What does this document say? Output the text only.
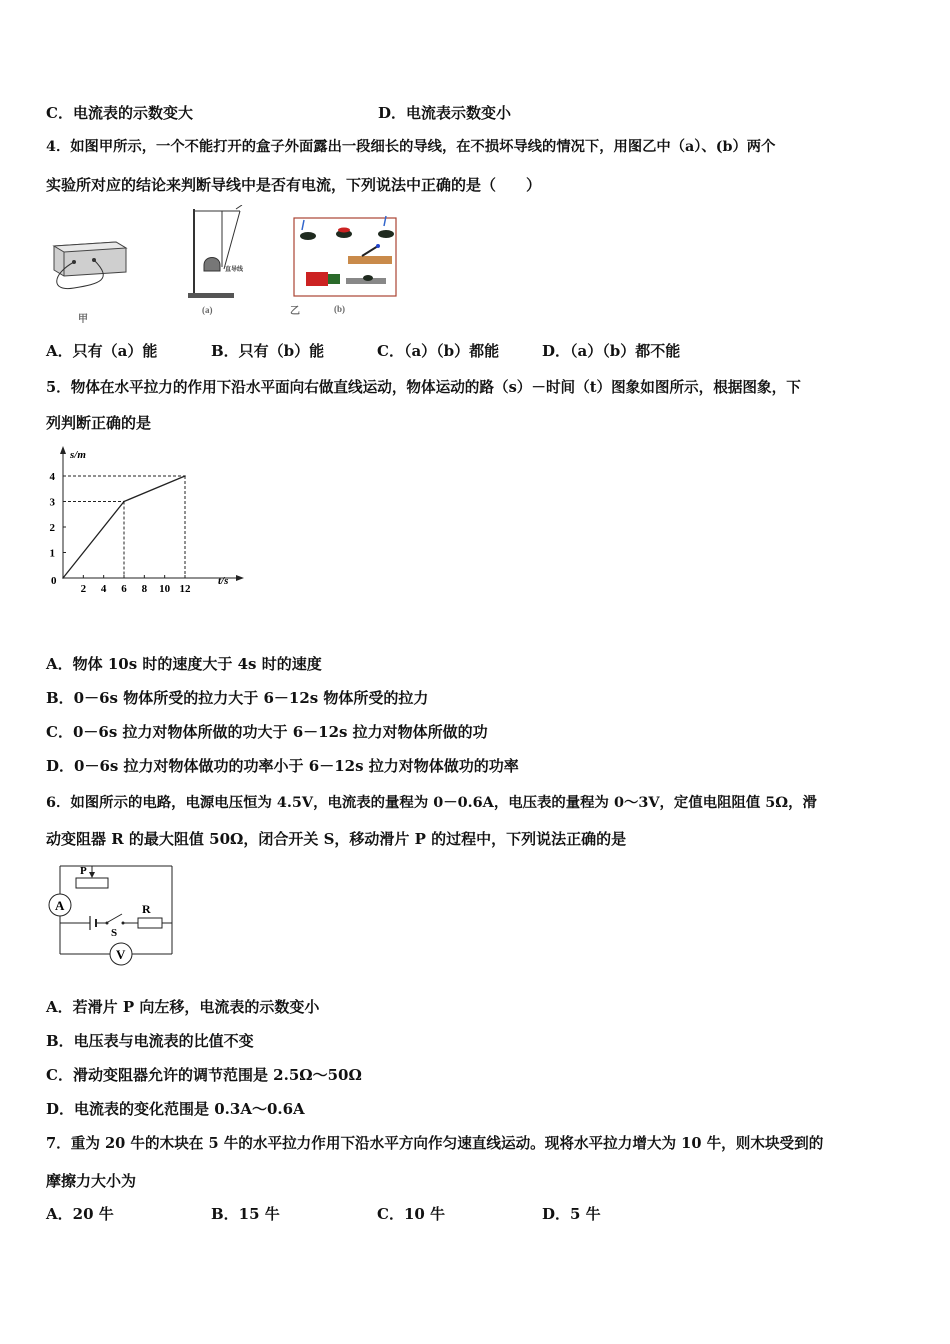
C．电流表的示数变大	D．电流表示数变小
4．如图甲所示，一个不能打开的盒子外面露出一段细长的导线，在不损坏导线的情况下，用图乙中（a）、(b）两个
实验所对应的结论来判断导线中是否有电流，下列说法中正确的是（　　）
甲
直导线
(a)	乙	(b)
A．只有（a）能	B．只有（b）能	C．（a）（b）都能	D．（a）（b）都不能
5．物体在水平拉力的作用下沿水平面向右做直线运动，物体运动的路（s）－时间（t）图象如图所示，根据图象，下
列判断正确的是
s/m
t/s
0
2 4 6 8 10 12
1
2
3
4
A．物体 10s 时的速度大于 4s 时的速度
B．0－6s 物体所受的拉力大于 6－12s 物体所受的拉力
C．0－6s 拉力对物体所做的功大于 6－12s 拉力对物体所做的功
D．0－6s 拉力对物体做功的功率小于 6－12s 拉力对物体做功的功率
6．如图所示的电路，电源电压恒为 4.5V，电流表的量程为 0－0.6A，电压表的量程为 0～3V，定值电阻阻值 5Ω，滑
动变阻器 R 的最大阻值 50Ω，闭合开关 S，移动滑片 P 的过程中，下列说法正确的是
A
P
S
R
V
A．若滑片 P 向左移，电流表的示数变小
B．电压表与电流表的比值不变
C．滑动变阻器允许的调节范围是 2.5Ω～50Ω
D．电流表的变化范围是 0.3A～0.6A
7．重为 20 牛的木块在 5 牛的水平拉力作用下沿水平方向作匀速直线运动。现将水平拉力增大为 10 牛，则木块受到的
摩擦力大小为
A．20 牛	B．15 牛	C．10 牛	D．5 牛
